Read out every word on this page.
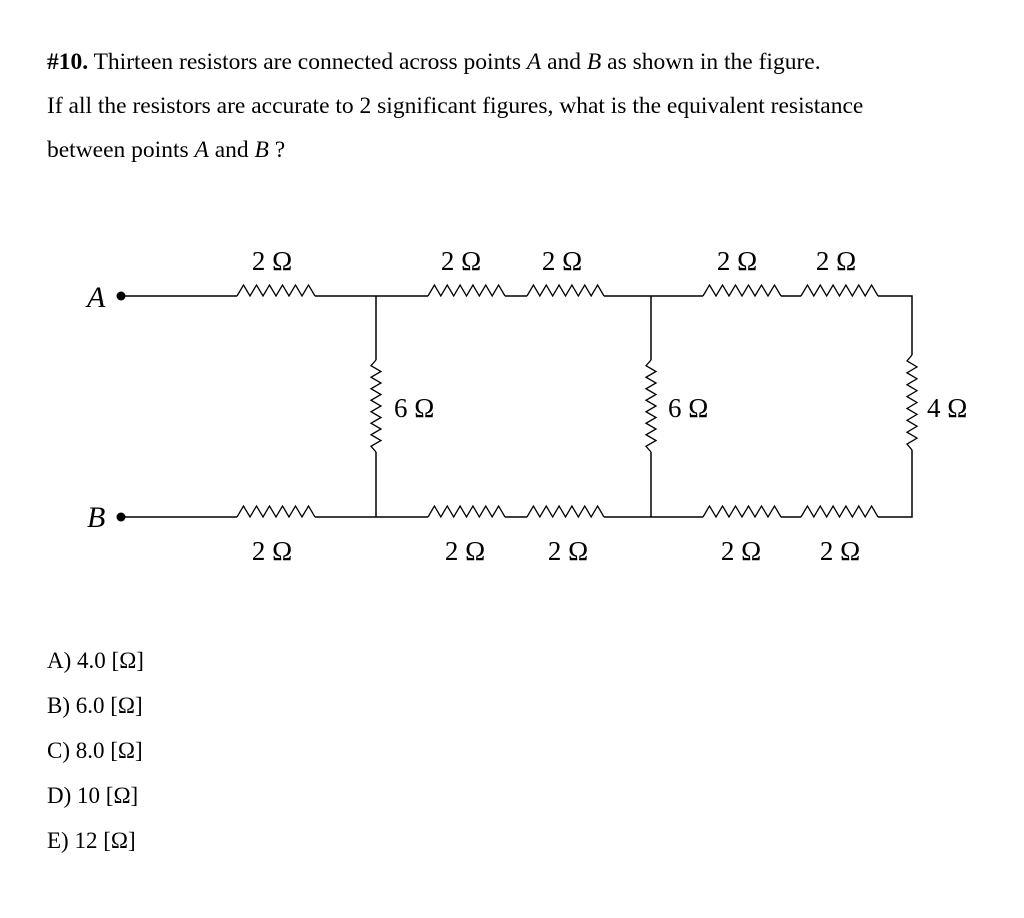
#10. Thirteen resistors are connected across points A and B as shown in the figure.

If all the resistors are accurate to 2 significant figures, what is the equivalent resistance

between points A and B ?

2 Ω	2 Ω 2 Ω	2 Ω 2 Ω
2 Ω	2 Ω 2 Ω	2 Ω 2 Ω
6 Ω	6 Ω	4 Ω
A
B
A) 4.0 [Ω]
B) 6.0 [Ω]
C) 8.0 [Ω]
D) 10 [Ω]
E) 12 [Ω]
